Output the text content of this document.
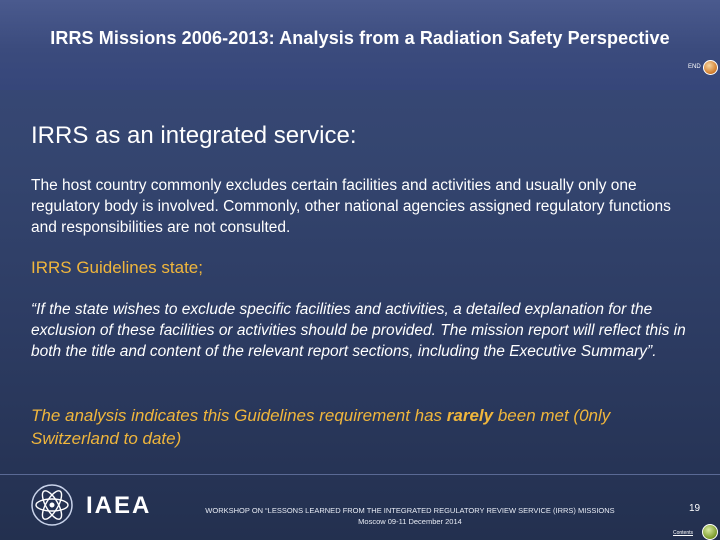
IRRS Missions 2006-2013: Analysis from a Radiation Safety Perspective
END
IRRS as an integrated service:
The host country commonly excludes certain facilities and activities and usually only one regulatory body is involved. Commonly, other national agencies assigned regulatory functions and responsibilities are not consulted.
IRRS Guidelines state;
“If the state wishes to exclude specific facilities and activities, a detailed explanation for the exclusion of these facilities or activities should be provided. The mission report will reflect this in both the title and content of the relevant report sections, including the Executive Summary”.
The analysis indicates this Guidelines requirement has rarely been met (0nly Switzerland to date)
IAEA	WORKSHOP ON “LESSONS LEARNED FROM THE INTEGRATED REGULATORY REVIEW SERVICE (IRRS) MISSIONS
Moscow 09-11 December 2014
19
Contents
